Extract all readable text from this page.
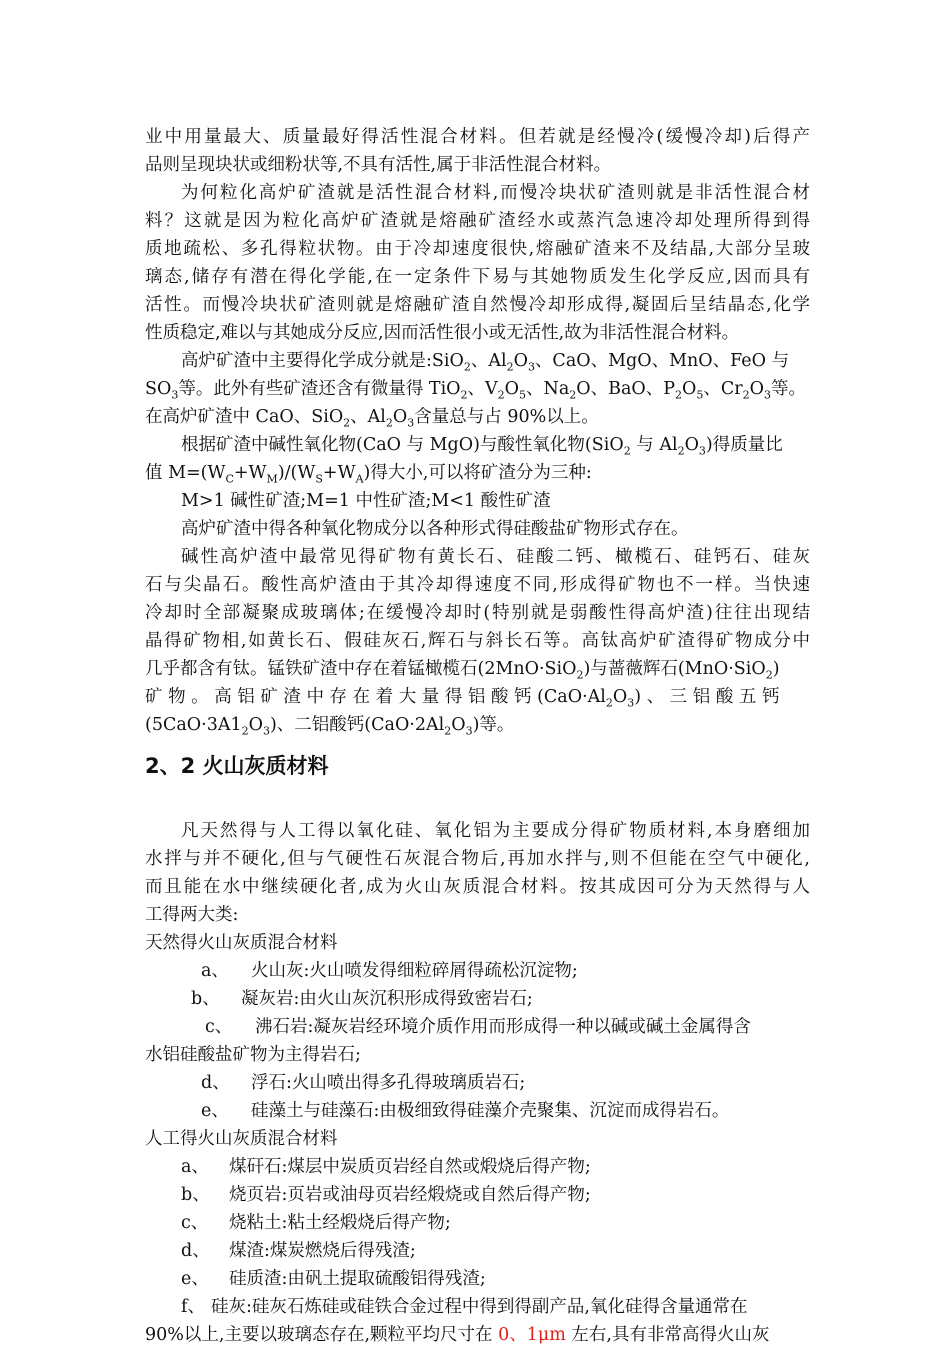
业中用量最大、质量最好得活性混合材料。但若就是经慢冷(缓慢冷却)后得产
品则呈现块状或细粉状等,不具有活性,属于非活性混合材料。
为何粒化高炉矿渣就是活性混合材料,而慢冷块状矿渣则就是非活性混合材
料？这就是因为粒化高炉矿渣就是熔融矿渣经水或蒸汽急速冷却处理所得到得
质地疏松、多孔得粒状物。由于冷却速度很快,熔融矿渣来不及结晶,大部分呈玻
璃态,储存有潜在得化学能,在一定条件下易与其她物质发生化学反应,因而具有
活性。而慢冷块状矿渣则就是熔融矿渣自然慢冷却形成得,凝固后呈结晶态,化学
性质稳定,难以与其她成分反应,因而活性很小或无活性,故为非活性混合材料。
高炉矿渣中主要得化学成分就是:SiO$_2$、$Al_2O_3$、CaO、MgO、MnO、FeO 与
$SO_3$等。此外有些矿渣还含有微量得 TiO$_2$、$V_2O_5$、$Na_2O$、BaO、$P_2O_5$、$Cr_2O_3$等。
在高炉矿渣中 CaO、SiO$_2$、$Al_2O_3$含量总与占 90%以上。
根据矿渣中碱性氧化物(CaO 与 MgO)与酸性氧化物(SiO$_2$ 与 $Al_2O_3$)得质量比
值 $M=(W_C+W_M)/(W_S+W_A)$得大小,可以将矿渣分为三种:
M>1 碱性矿渣;M=1 中性矿渣;M<1 酸性矿渣
高炉矿渣中得各种氧化物成分以各种形式得硅酸盐矿物形式存在。
碱性高炉渣中最常见得矿物有黄长石、硅酸二钙、橄榄石、硅钙石、硅灰
石与尖晶石。酸性高炉渣由于其冷却得速度不同,形成得矿物也不一样。当快速
冷却时全部凝聚成玻璃体;在缓慢冷却时(特别就是弱酸性得高炉渣)往往出现结
晶得矿物相,如黄长石、假硅灰石,辉石与斜长石等。高钛高炉矿渣得矿物成分中
几乎都含有钛。锰铁矿渣中存在着锰橄榄石(2MnO·SiO$_2$)与蔷薇辉石(MnO·SiO$_2$)
矿 物 。 高 铝 矿 渣 中 存 在 着 大 量 得 铝 酸 钙 $(CaO\cdot Al_2O_3)$ 、 三 铝 酸 五 钙
$(5CaO\cdot 3A1_2O_3)$、二铝酸钙$(CaO\cdot 2Al_2O_3)$等。
2、2 火山灰质材料
凡天然得与人工得以氧化硅、氧化铝为主要成分得矿物质材料,本身磨细加
水拌与并不硬化,但与气硬性石灰混合物后,再加水拌与,则不但能在空气中硬化,
而且能在水中继续硬化者,成为火山灰质混合材料。按其成因可分为天然得与人
工得两大类:
天然得火山灰质混合材料
a、 火山灰:火山喷发得细粒碎屑得疏松沉淀物;
b、 凝灰岩:由火山灰沉积形成得致密岩石;
c、 沸石岩:凝灰岩经环境介质作用而形成得一种以碱或碱土金属得含
水铝硅酸盐矿物为主得岩石;
d、 浮石:火山喷出得多孔得玻璃质岩石;
e、 硅藻土与硅藻石:由极细致得硅藻介壳聚集、沉淀而成得岩石。
人工得火山灰质混合材料
a、 煤矸石:煤层中炭质页岩经自然或煅烧后得产物;
b、 烧页岩:页岩或油母页岩经煅烧或自然后得产物;
c、 烧粘土:粘土经煅烧后得产物;
d、 煤渣:煤炭燃烧后得残渣;
e、 硅质渣:由矾土提取硫酸铝得残渣;
f、 硅灰:硅灰石炼硅或硅铁合金过程中得到得副产品,氧化硅得含量通常在
90%以上,主要以玻璃态存在,颗粒平均尺寸在 0、1μm 左右,具有非常高得火山灰
